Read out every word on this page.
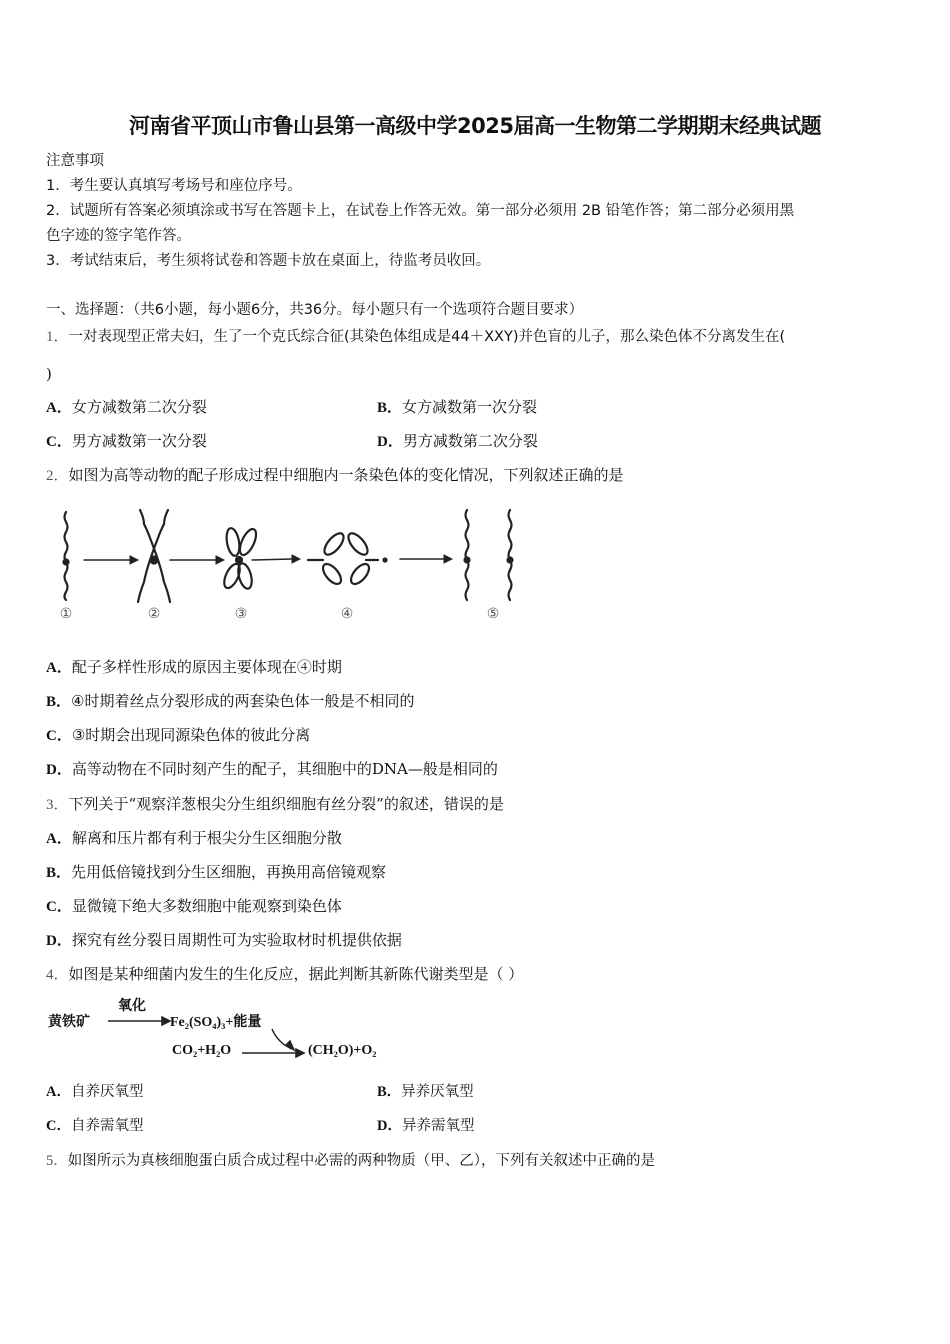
河南省平顶山市鲁山县第一高级中学2025届高一生物第二学期期末经典试题
注意事项
1．考生要认真填写考场号和座位序号。
2．试题所有答案必须填涂或书写在答题卡上，在试卷上作答无效。第一部分必须用 2B 铅笔作答；第二部分必须用黑
色字迹的签字笔作答。
3．考试结束后，考生须将试卷和答题卡放在桌面上，待监考员收回。
一、选择题：（共6小题，每小题6分，共36分。每小题只有一个选项符合题目要求）
1．一对表现型正常夫妇，生了一个克氏综合征(其染色体组成是44＋XXY)并色盲的儿子，那么染色体不分离发生在(
)
A．女方减数第二次分裂	B．女方减数第一次分裂
C．男方减数第一次分裂	D．男方减数第二次分裂
2．如图为高等动物的配子形成过程中细胞内一条染色体的变化情况，下列叙述正确的是
①	②	③	④	⑤
A．配子多样性形成的原因主要体现在④时期
B．④时期着丝点分裂形成的两套染色体一般是不相同的
C．③时期会出现同源染色体的彼此分离
D．高等动物在不同时刻产生的配子，其细胞中的DNA—般是相同的
3．下列关于“观察洋葱根尖分生组织细胞有丝分裂”的叙述，错误的是
A．解离和压片都有利于根尖分生区细胞分散
B．先用低倍镜找到分生区细胞，再换用高倍镜观察
C．显微镜下绝大多数细胞中能观察到染色体
D．探究有丝分裂日周期性可为实验取材时机提供依据
4．如图是某种细菌内发生的生化反应，据此判断其新陈代谢类型是（ ）
黄铁矿
氧化
Fe₂(SO₄)₃+能量
CO₂+H₂O	(CH₂O)+O₂
A．自养厌氧型	B．异养厌氧型
C．自养需氧型	D．异养需氧型
5．如图所示为真核细胞蛋白质合成过程中必需的两种物质（甲、乙），下列有关叙述中正确的是
